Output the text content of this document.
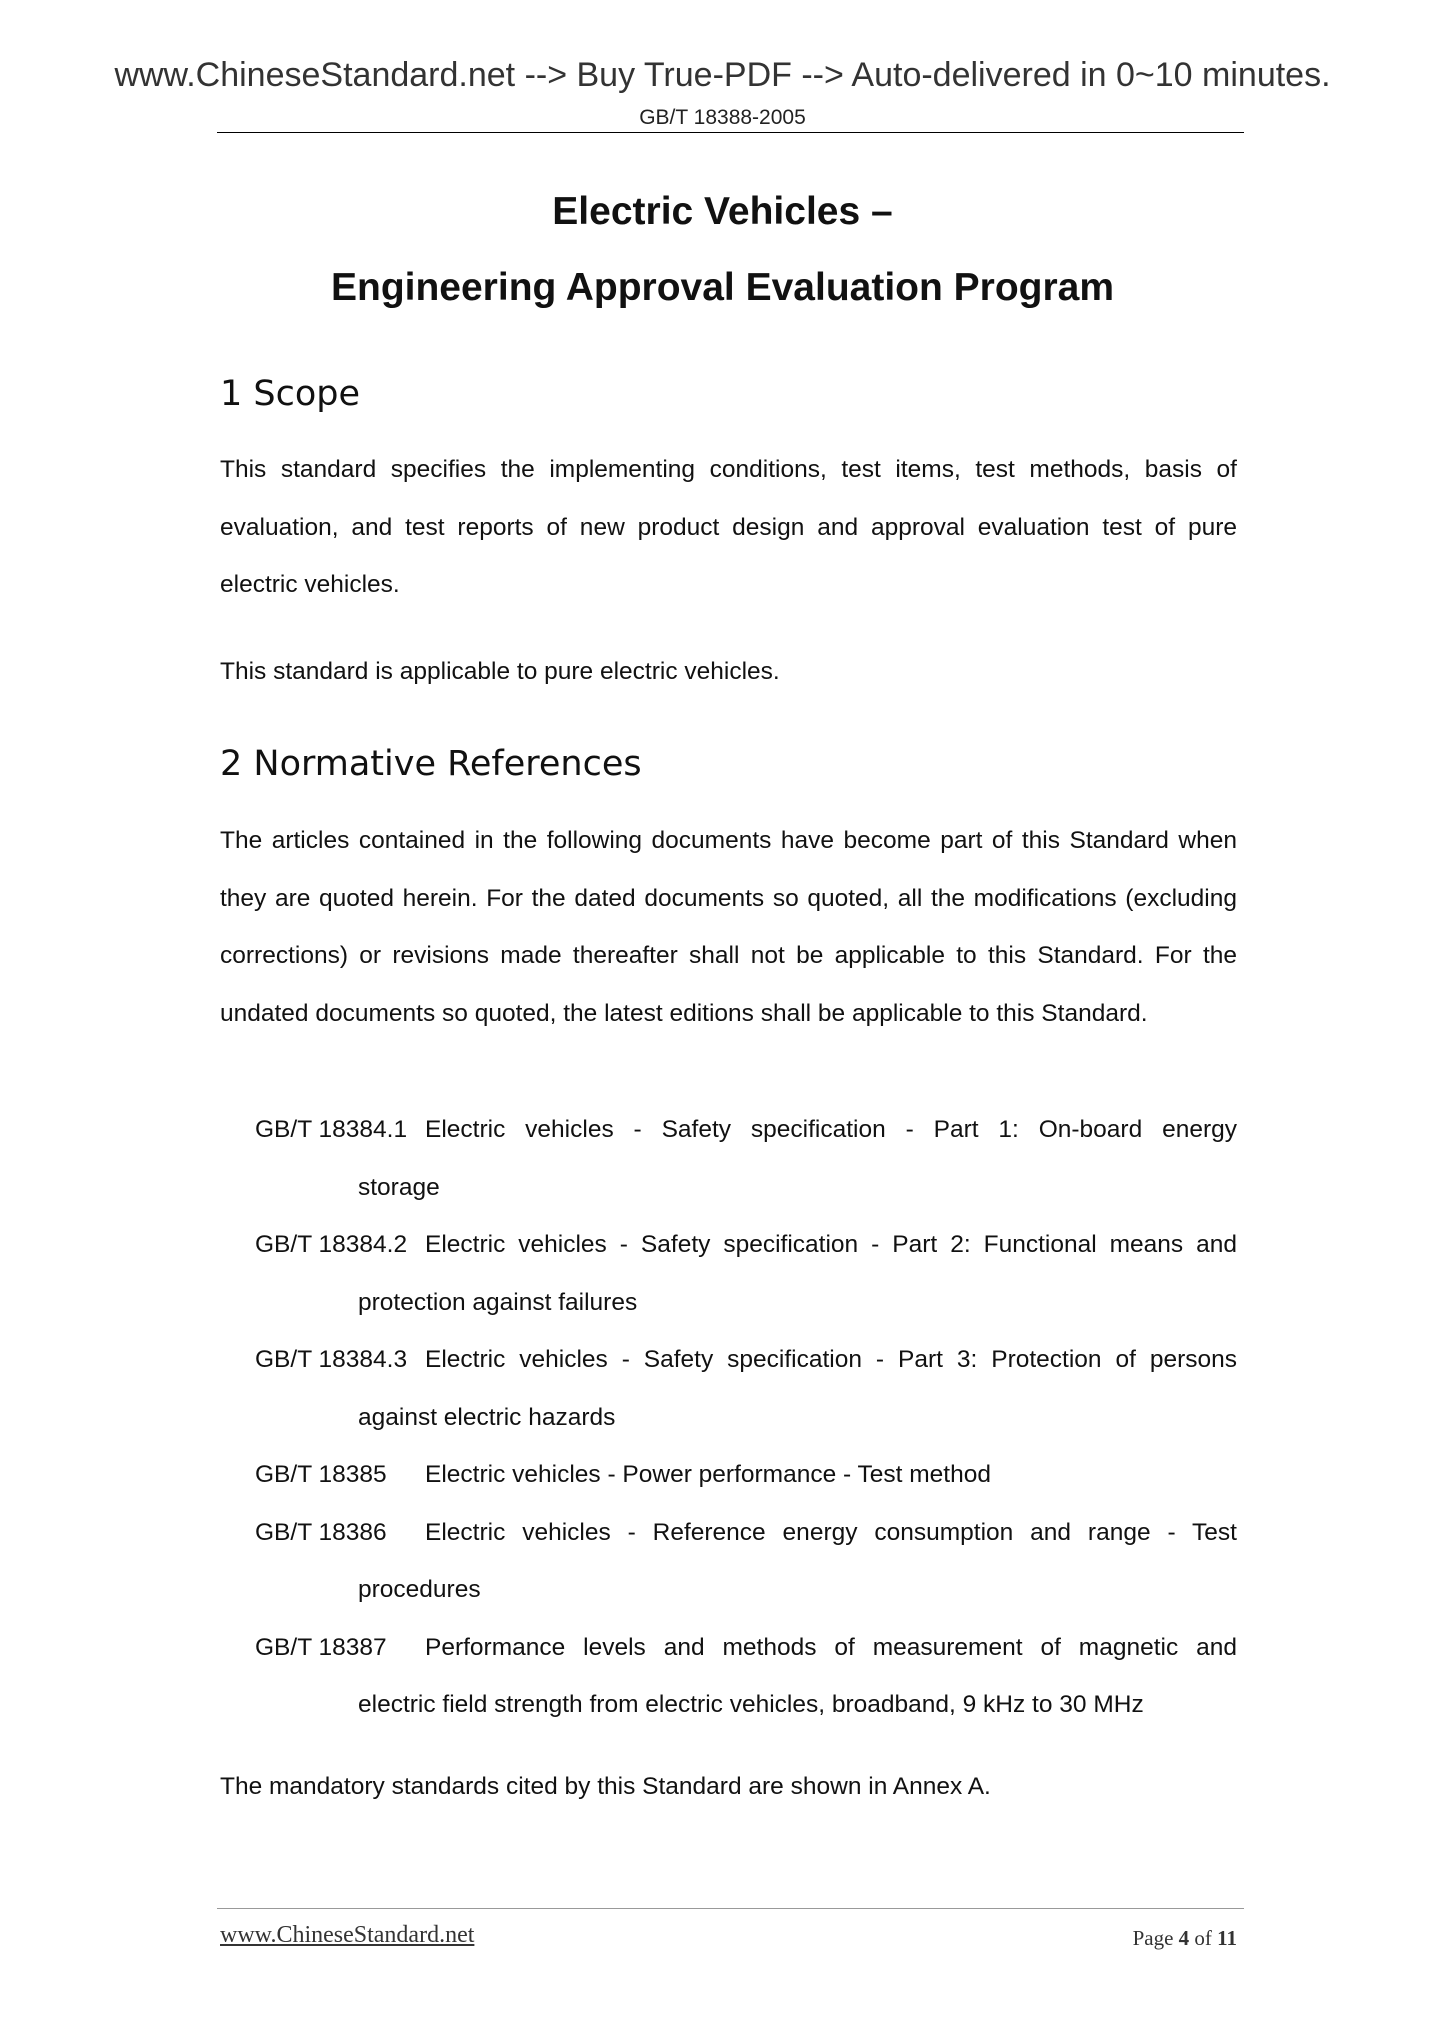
www.ChineseStandard.net --> Buy True-PDF --> Auto-delivered in 0~10 minutes.
GB/T 18388-2005
Electric Vehicles –
Engineering Approval Evaluation Program
1 Scope
This standard specifies the implementing conditions, test items, test methods, basis of evaluation, and test reports of new product design and approval evaluation test of pure electric vehicles.
This standard is applicable to pure electric vehicles.
2 Normative References
The articles contained in the following documents have become part of this Standard when they are quoted herein. For the dated documents so quoted, all the modifications (excluding corrections) or revisions made thereafter shall not be applicable to this Standard. For the undated documents so quoted, the latest editions shall be applicable to this Standard.
GB/T 18384.1 Electric vehicles - Safety specification - Part 1: On-board energy
storage
GB/T 18384.2 Electric vehicles - Safety specification - Part 2: Functional means and
protection against failures
GB/T 18384.3 Electric vehicles - Safety specification - Part 3: Protection of persons
against electric hazards
GB/T 18385	Electric vehicles - Power performance - Test method
GB/T 18386	Electric vehicles - Reference energy consumption and range - Test
procedures
GB/T 18387	Performance levels and methods of measurement of magnetic and
electric field strength from electric vehicles, broadband, 9 kHz to 30 MHz
The mandatory standards cited by this Standard are shown in Annex A.
www.ChineseStandard.net	Page 4 of 11
